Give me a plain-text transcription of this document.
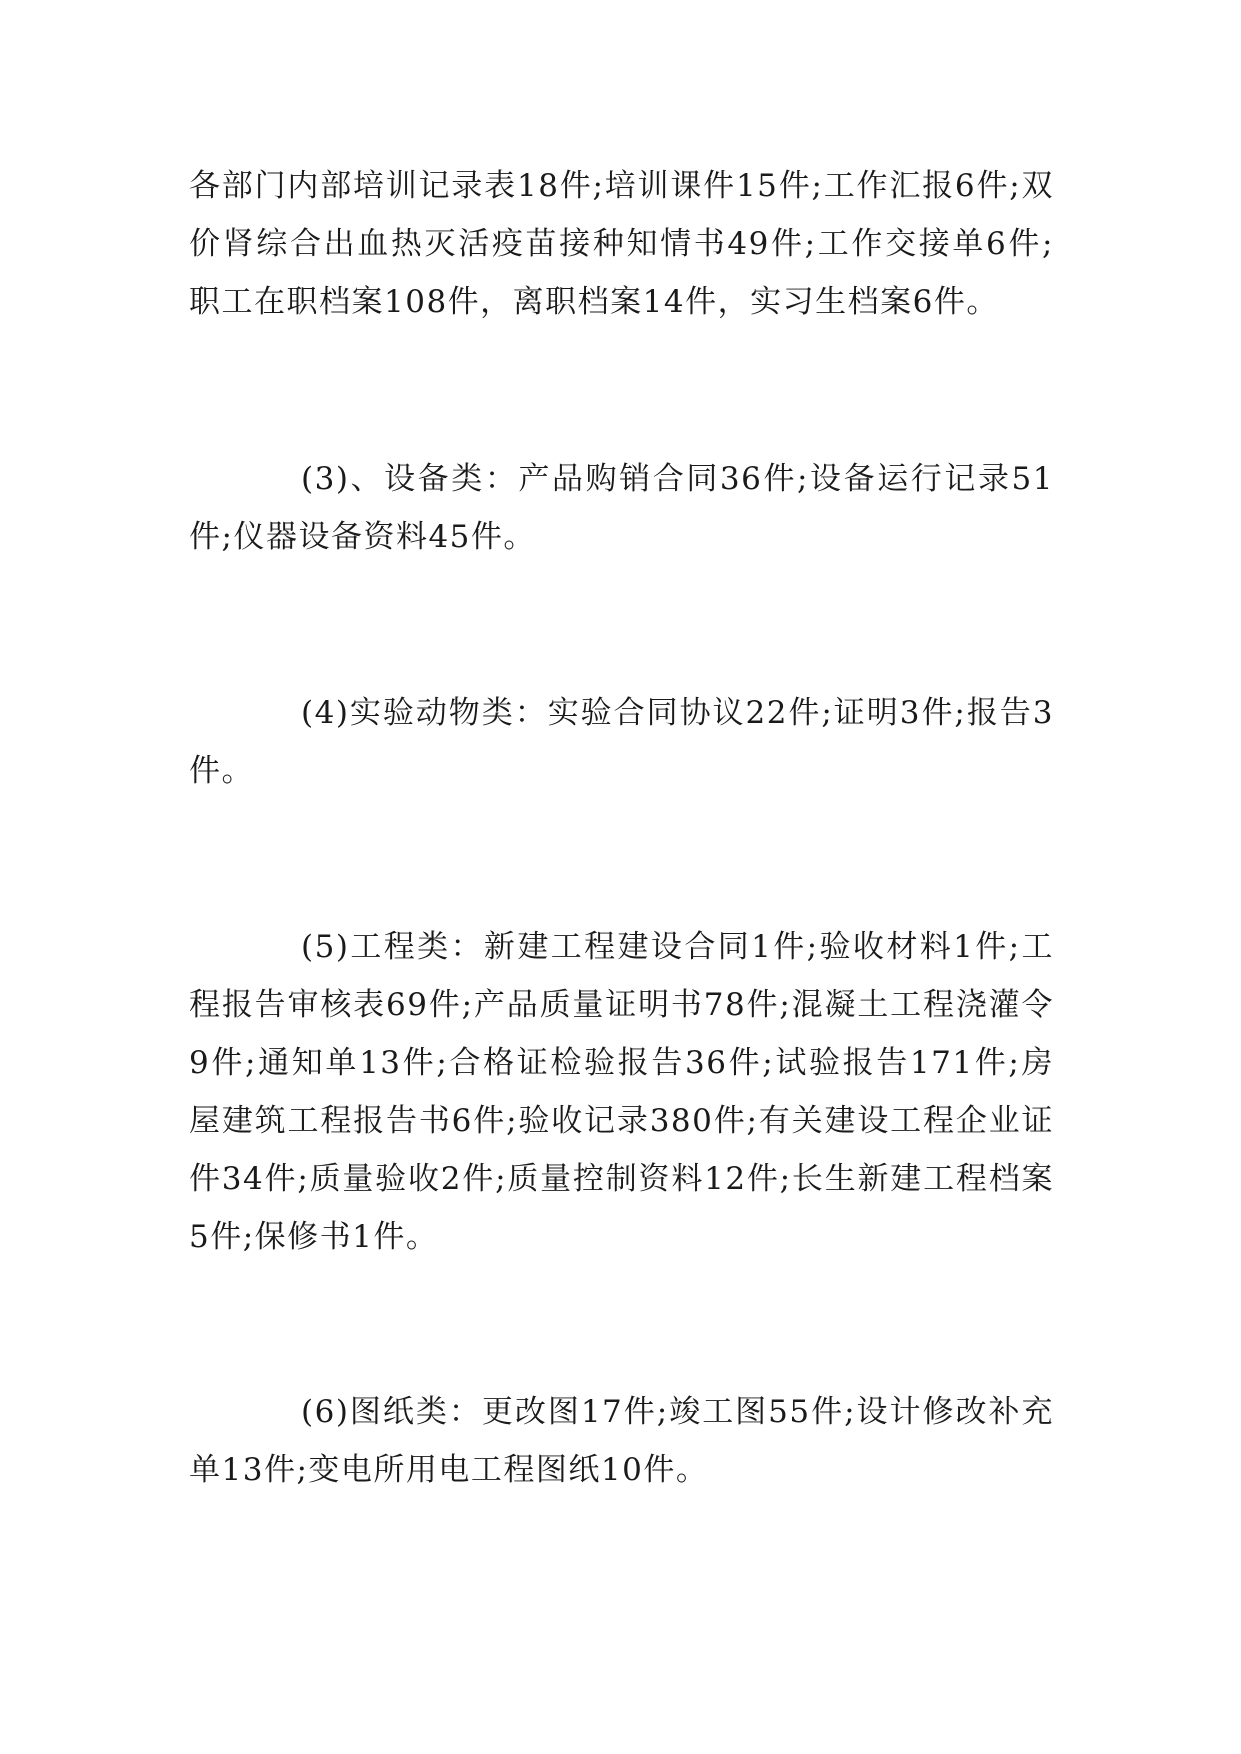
各部门内部培训记录表18件;培训课件15件;工作汇报6件;双价肾综合出血热灭活疫苗接种知情书49件;工作交接单6件;职工在职档案108件，离职档案14件，实习生档案6件。

(3)、设备类：产品购销合同36件;设备运行记录51件;仪器设备资料45件。

(4)实验动物类：实验合同协议22件;证明3件;报告3件。

(5)工程类：新建工程建设合同1件;验收材料1件;工程报告审核表69件;产品质量证明书78件;混凝土工程浇灌令9件;通知单13件;合格证检验报告36件;试验报告171件;房屋建筑工程报告书6件;验收记录380件;有关建设工程企业证件34件;质量验收2件;质量控制资料12件;长生新建工程档案5件;保修书1件。

(6)图纸类：更改图17件;竣工图55件;设计修改补充单13件;变电所用电工程图纸10件。
